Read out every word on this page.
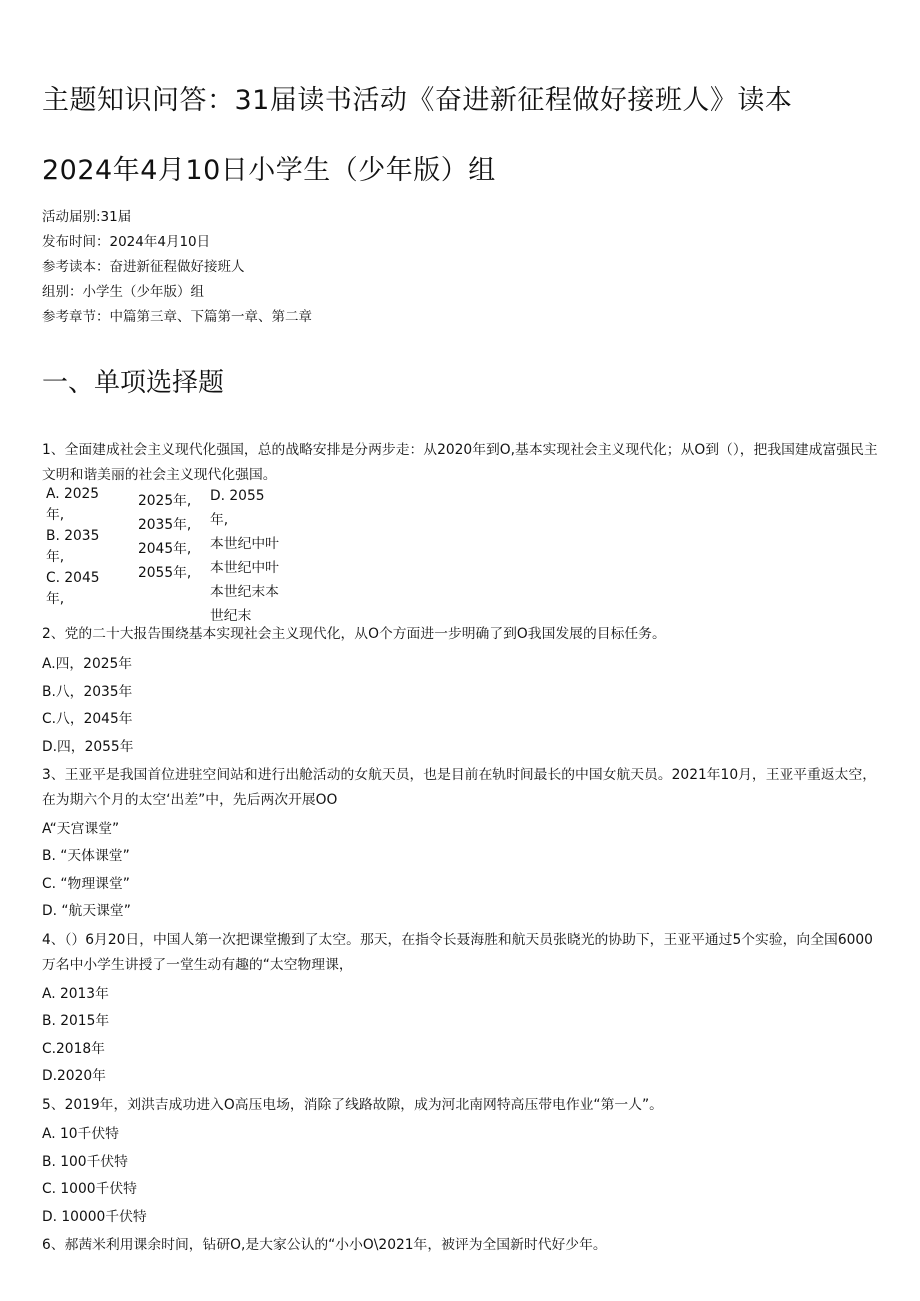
主题知识问答：31届读书活动《奋进新征程做好接班人》读本
2024年4月10日小学生（少年版）组
活动届别:31届
发布时间：2024年4月10日
参考读本：奋进新征程做好接班人
组别：小学生（少年版）组
参考章节：中篇第三章、下篇第一章、第二章
一、单项选择题
1、全面建成社会主义现代化强国，总的战略安排是分两步走：从2020年到O,基本实现社会主义现代化；从O到（），把我国建成富强民主文明和谐美丽的社会主义现代化强国。
A. 2025
年,
B. 2035
年,
C. 2045
年,
2025年,
2035年,
2045年,
2055年,
D. 2055
年,
本世纪中叶
本世纪中叶
本世纪末本
世纪末
2、党的二十大报告围绕基本实现社会主义现代化，从O个方面进一步明确了到O我国发展的目标任务。
A.四，2025年
B.八，2035年
C.八，2045年
D.四，2055年
3、王亚平是我国首位进驻空间站和进行出舱活动的女航天员，也是目前在轨时间最长的中国女航天员。2021年10月，王亚平重返太空，在为期六个月的太空‘出差”中，先后两次开展OO
A“天宫课堂”
B. “天体课堂”
C. “物理课堂”
D. “航天课堂”
4、（）6月20日，中国人第一次把课堂搬到了太空。那天，在指令长聂海胜和航天员张晓光的协助下，王亚平通过5个实验，向全国6000万名中小学生讲授了一堂生动有趣的“太空物理课，
A. 2013年
B. 2015年
C.2018年
D.2020年
5、2019年，刘洪吉成功进入O高压电场，消除了线路故隙，成为河北南网特高压带电作业“第一人”。
A. 10千伏特
B. 100千伏特
C. 1000千伏特
D. 10000千伏特
6、郝茜米利用课余时间，钻研O,是大家公认的“小小O\2021年，被评为全国新时代好少年。
